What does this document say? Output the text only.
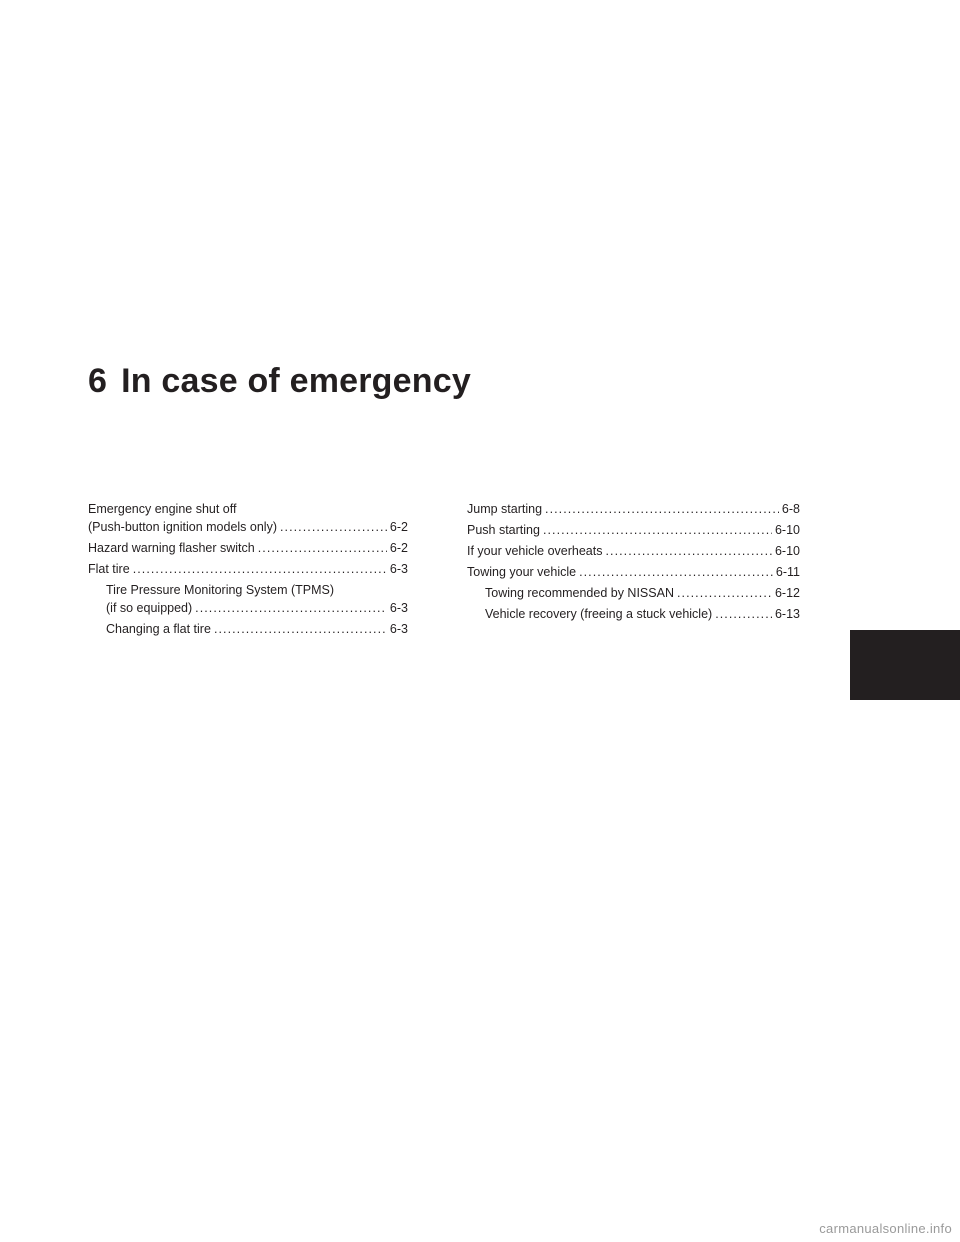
6 In case of emergency
Emergency engine shut off
(Push-button ignition models only) . . .	6-2
Hazard warning flasher switch . . .	6-2
Flat tire . . .	6-3
Tire Pressure Monitoring System (TPMS)
(if so equipped) . . .	6-3
Changing a flat tire . . .	6-3
Jump starting . . .	6-8
Push starting . . .	6-10
If your vehicle overheats . . .	6-10
Towing your vehicle . . .	6-11
Towing recommended by NISSAN . . .	6-12
Vehicle recovery (freeing a stuck vehicle) . . .	6-13
carmanualsonline.info
